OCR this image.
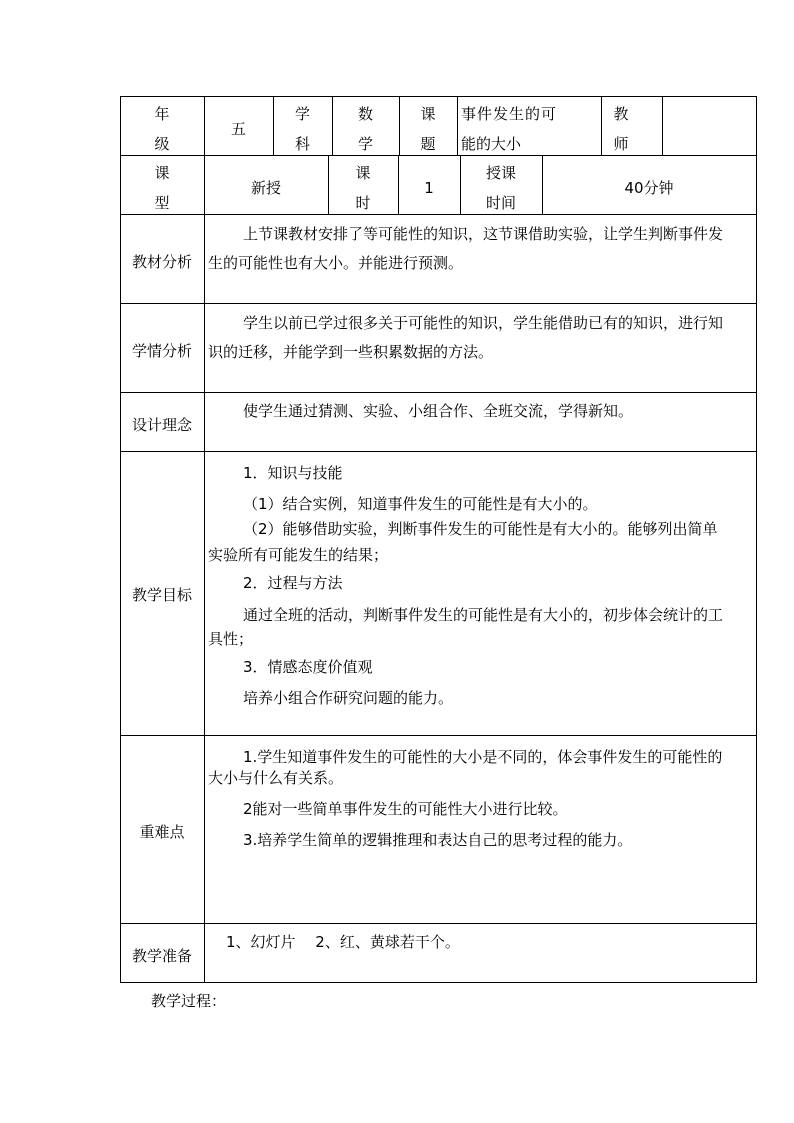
年
级
五
学
科
数
学
课
题
事件发生的可
能的大小
教
师
课
型
新授
课
时
1
授课
时间
40分钟
教材分析
上节课教材安排了等可能性的知识，这节课借助实验，让学生判断事件发
生的可能性也有大小。并能进行预测。
学情分析
学生以前已学过很多关于可能性的知识，学生能借助已有的知识，进行知
识的迁移，并能学到一些积累数据的方法。
设计理念
使学生通过猜测、实验、小组合作、全班交流，学得新知。
教学目标
1．知识与技能
（1）结合实例，知道事件发生的可能性是有大小的。
（2）能够借助实验，判断事件发生的可能性是有大小的。能够列出简单
实验所有可能发生的结果；
2．过程与方法
通过全班的活动，判断事件发生的可能性是有大小的，初步体会统计的工
具性；
3．情感态度价值观
培养小组合作研究问题的能力。
重难点
1.学生知道事件发生的可能性的大小是不同的，体会事件发生的可能性的
大小与什么有关系。
2能对一些简单事件发生的可能性大小进行比较。
3.培养学生简单的逻辑推理和表达自己的思考过程的能力。
教学准备
1、幻灯片　 2、红、黄球若干个。
教学过程：
